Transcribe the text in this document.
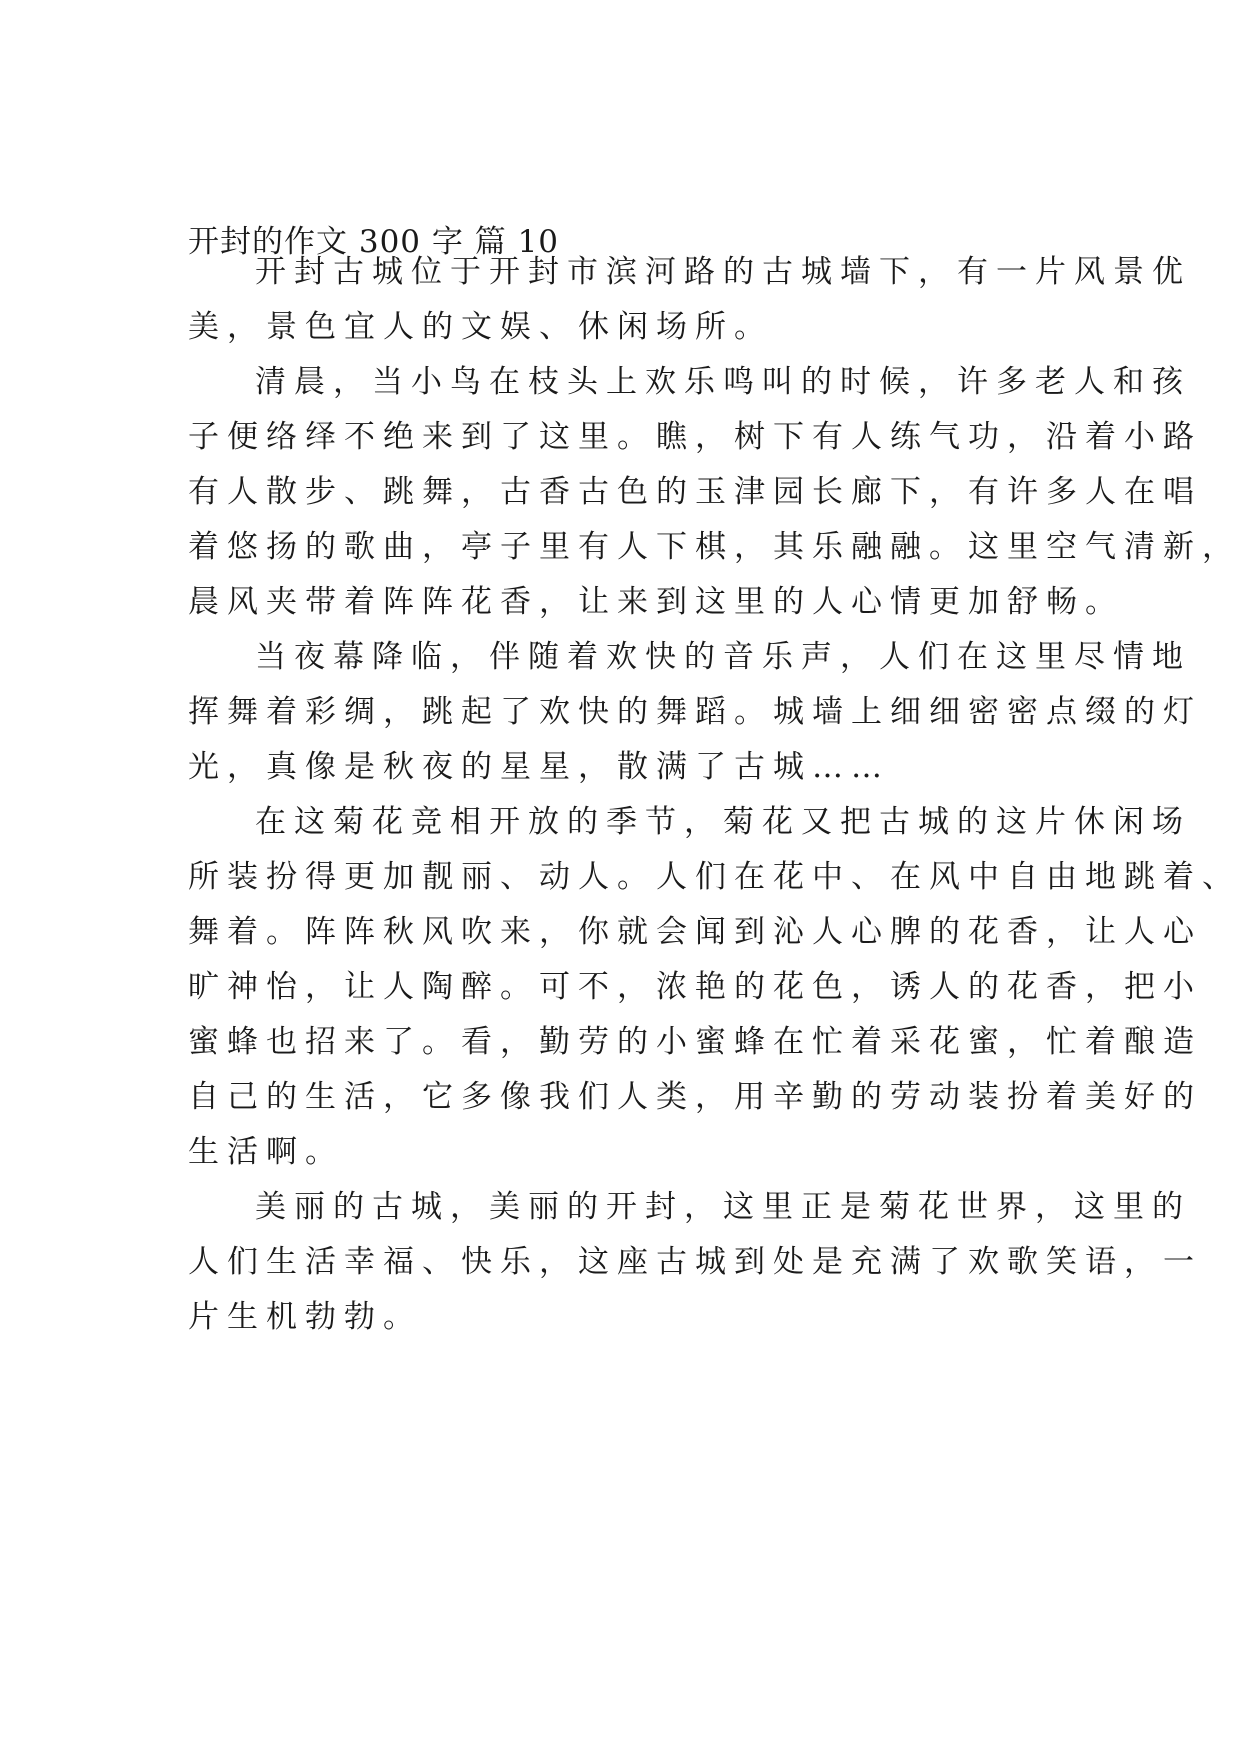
开封的作文 300 字 篇 10
开封古城位于开封市滨河路的古城墙下，有一片风景优
美，景色宜人的文娱、休闲场所。
清晨，当小鸟在枝头上欢乐鸣叫的时候，许多老人和孩
子便络绎不绝来到了这里。瞧，树下有人练气功，沿着小路
有人散步、跳舞，古香古色的玉津园长廊下，有许多人在唱
着悠扬的歌曲，亭子里有人下棋，其乐融融。这里空气清新，
晨风夹带着阵阵花香，让来到这里的人心情更加舒畅。
当夜幕降临，伴随着欢快的音乐声，人们在这里尽情地
挥舞着彩绸，跳起了欢快的舞蹈。城墙上细细密密点缀的灯
光，真像是秋夜的星星，散满了古城……
在这菊花竞相开放的季节，菊花又把古城的这片休闲场
所装扮得更加靓丽、动人。人们在花中、在风中自由地跳着、
舞着。阵阵秋风吹来，你就会闻到沁人心脾的花香，让人心
旷神怡，让人陶醉。可不，浓艳的花色，诱人的花香，把小
蜜蜂也招来了。看，勤劳的小蜜蜂在忙着采花蜜，忙着酿造
自己的生活，它多像我们人类，用辛勤的劳动装扮着美好的
生活啊。
美丽的古城，美丽的开封，这里正是菊花世界，这里的
人们生活幸福、快乐，这座古城到处是充满了欢歌笑语，一
片生机勃勃。
